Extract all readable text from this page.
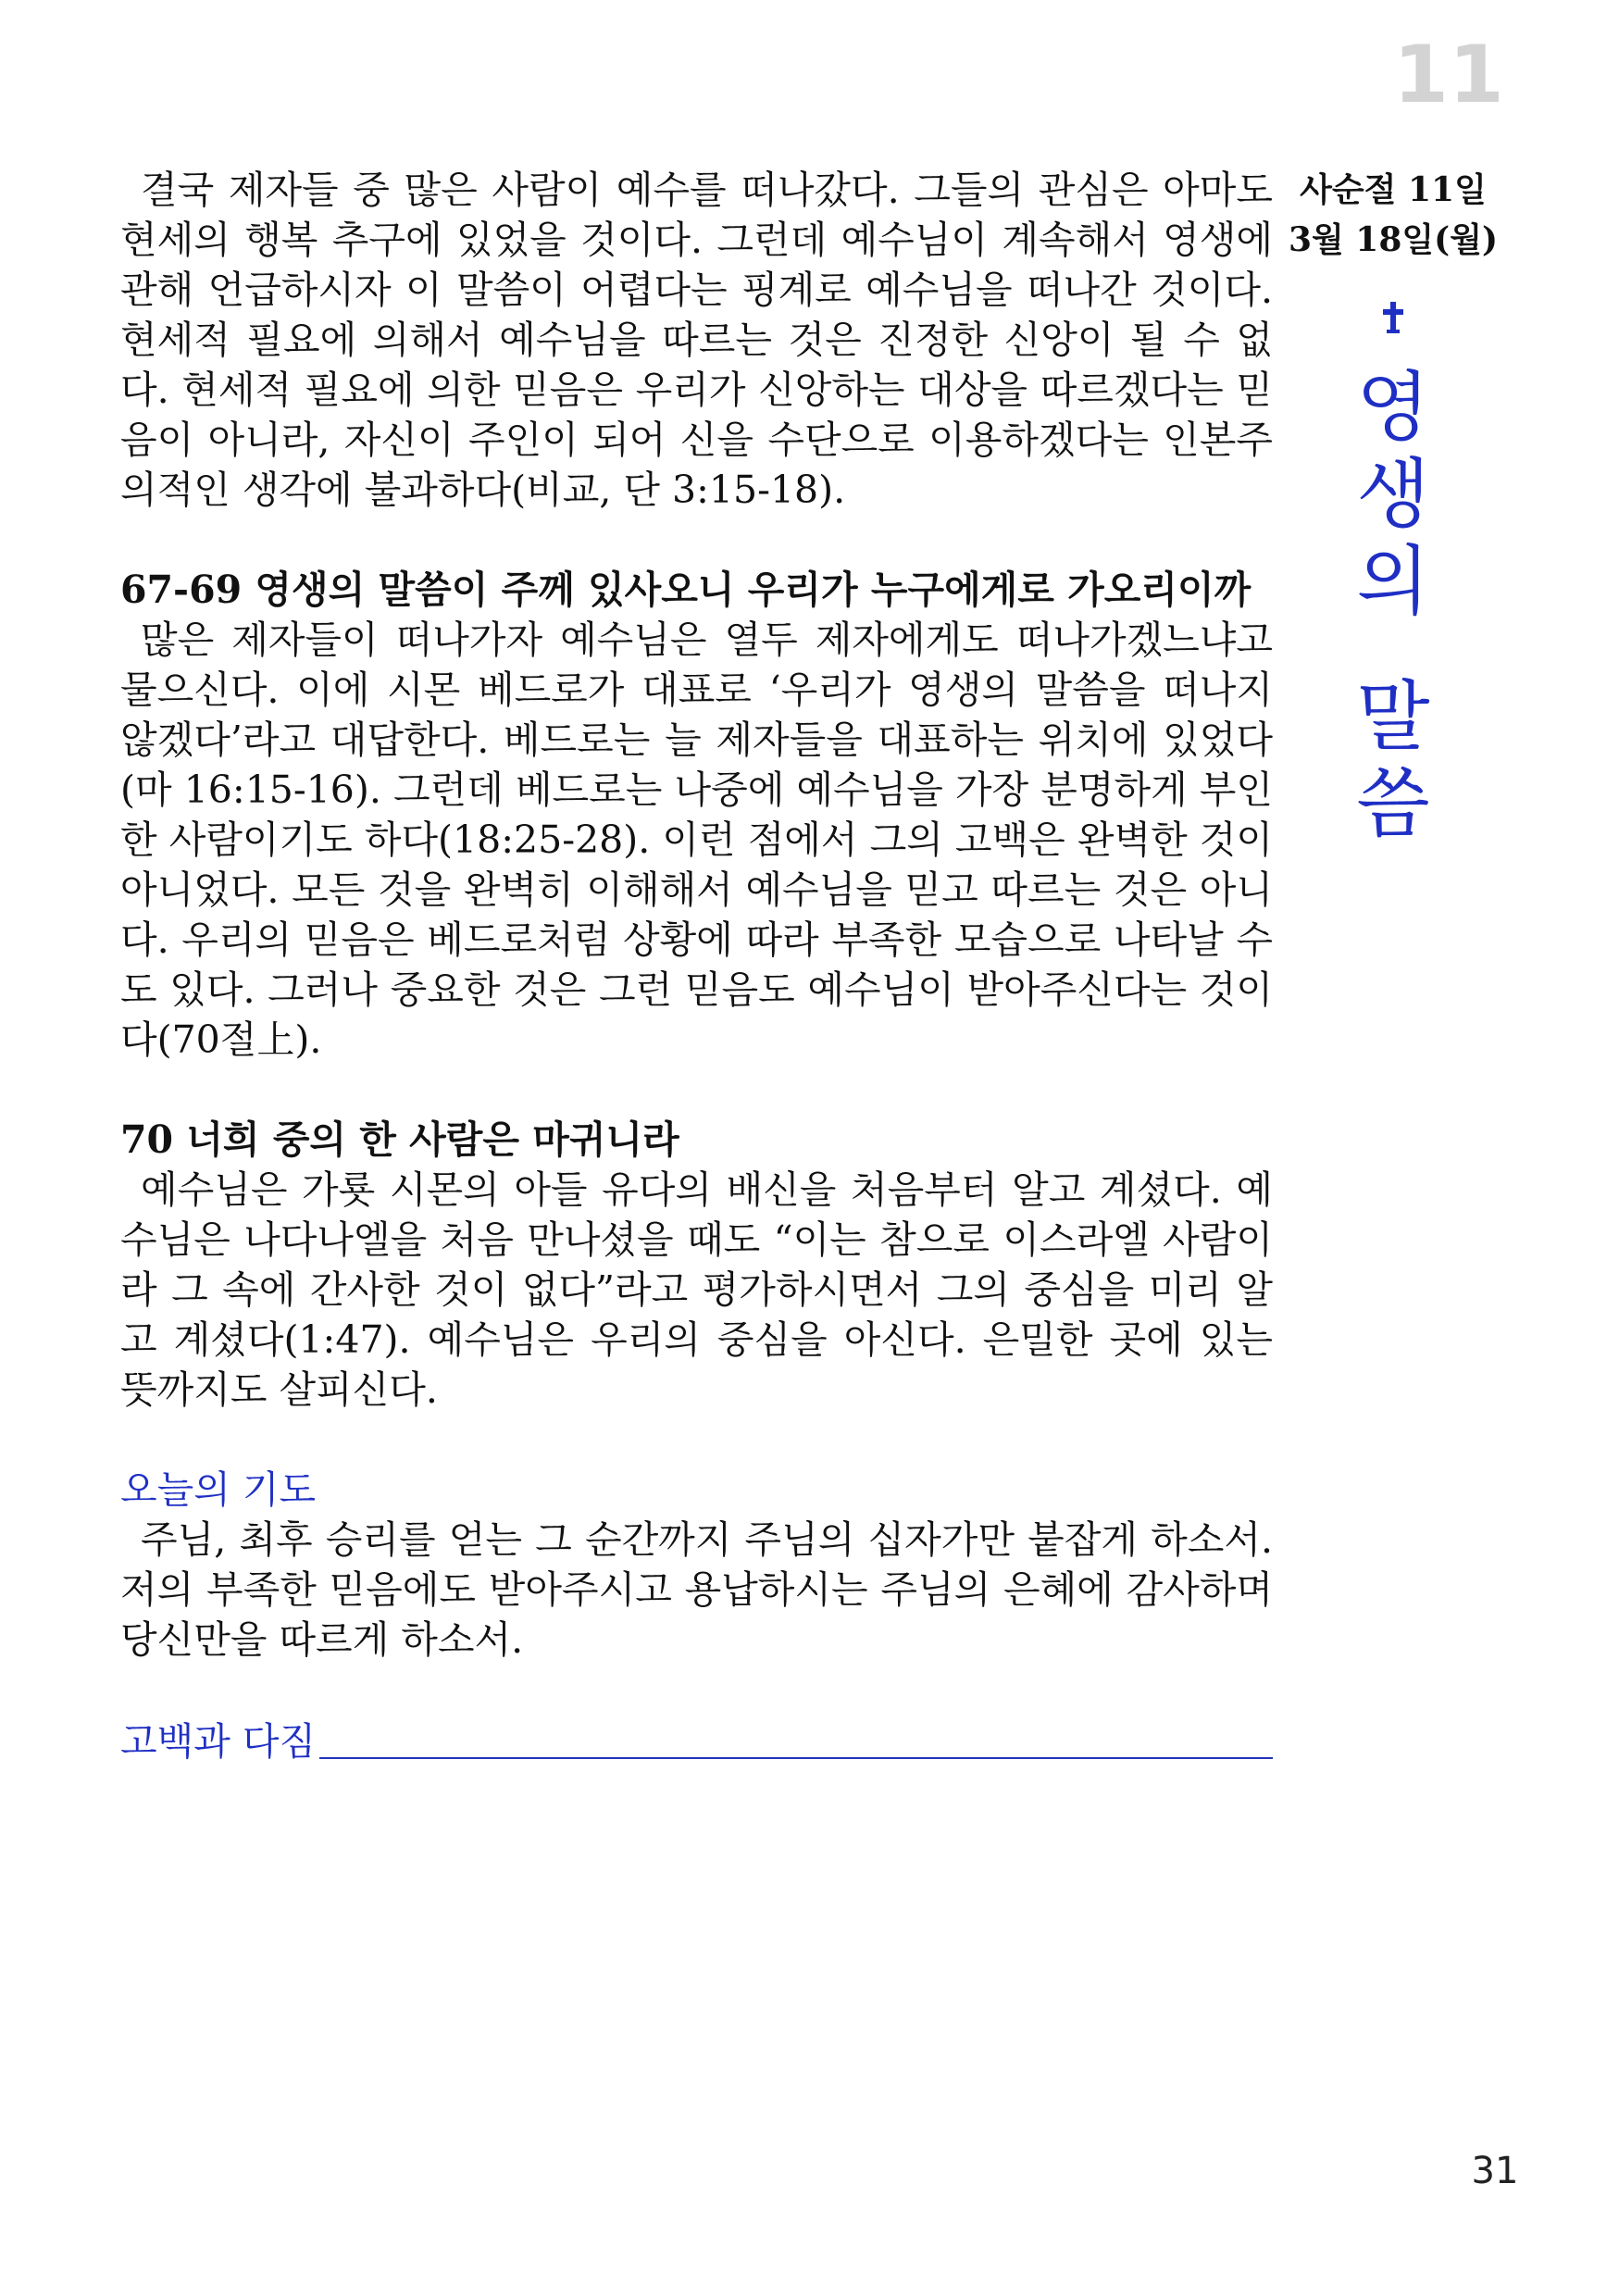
11

결국 제자들 중 많은 사람이 예수를 떠나갔다. 그들의 관심은 아마도 현세의 행복 추구에 있었을 것이다. 그런데 예수님이 계속해서 영생에 관해 언급하시자 이 말씀이 어렵다는 핑계로 예수님을 떠나간 것이다. 현세적 필요에 의해서 예수님을 따르는 것은 진정한 신앙이 될 수 없다. 현세적 필요에 의한 믿음은 우리가 신앙하는 대상을 따르겠다는 믿음이 아니라, 자신이 주인이 되어 신을 수단으로 이용하겠다는 인본주의적인 생각에 불과하다(비교, 단 3:15-18).

67-69 영생의 말씀이 주께 있사오니 우리가 누구에게로 가오리이까

많은 제자들이 떠나가자 예수님은 열두 제자에게도 떠나가겠느냐고 물으신다. 이에 시몬 베드로가 대표로 ‘우리가 영생의 말씀을 떠나지 않겠다’라고 대답한다. 베드로는 늘 제자들을 대표하는 위치에 있었다(마 16:15-16). 그런데 베드로는 나중에 예수님을 가장 분명하게 부인한 사람이기도 하다(18:25-28). 이런 점에서 그의 고백은 완벽한 것이 아니었다. 모든 것을 완벽히 이해해서 예수님을 믿고 따르는 것은 아니다. 우리의 믿음은 베드로처럼 상황에 따라 부족한 모습으로 나타날 수도 있다. 그러나 중요한 것은 그런 믿음도 예수님이 받아주신다는 것이다(70절上).

70 너희 중의 한 사람은 마귀니라

예수님은 가룟 시몬의 아들 유다의 배신을 처음부터 알고 계셨다. 예수님은 나다나엘을 처음 만나셨을 때도 “이는 참으로 이스라엘 사람이라 그 속에 간사한 것이 없다”라고 평가하시면서 그의 중심을 미리 알고 계셨다(1:47). 예수님은 우리의 중심을 아신다. 은밀한 곳에 있는 뜻까지도 살피신다.

오늘의 기도

주님, 최후 승리를 얻는 그 순간까지 주님의 십자가만 붙잡게 하소서. 저의 부족한 믿음에도 받아주시고 용납하시는 주님의 은혜에 감사하며 당신만을 따르게 하소서.

고백과 다짐

사순절 11일

3월 18일(월)

영
생
의
말
씀
31
